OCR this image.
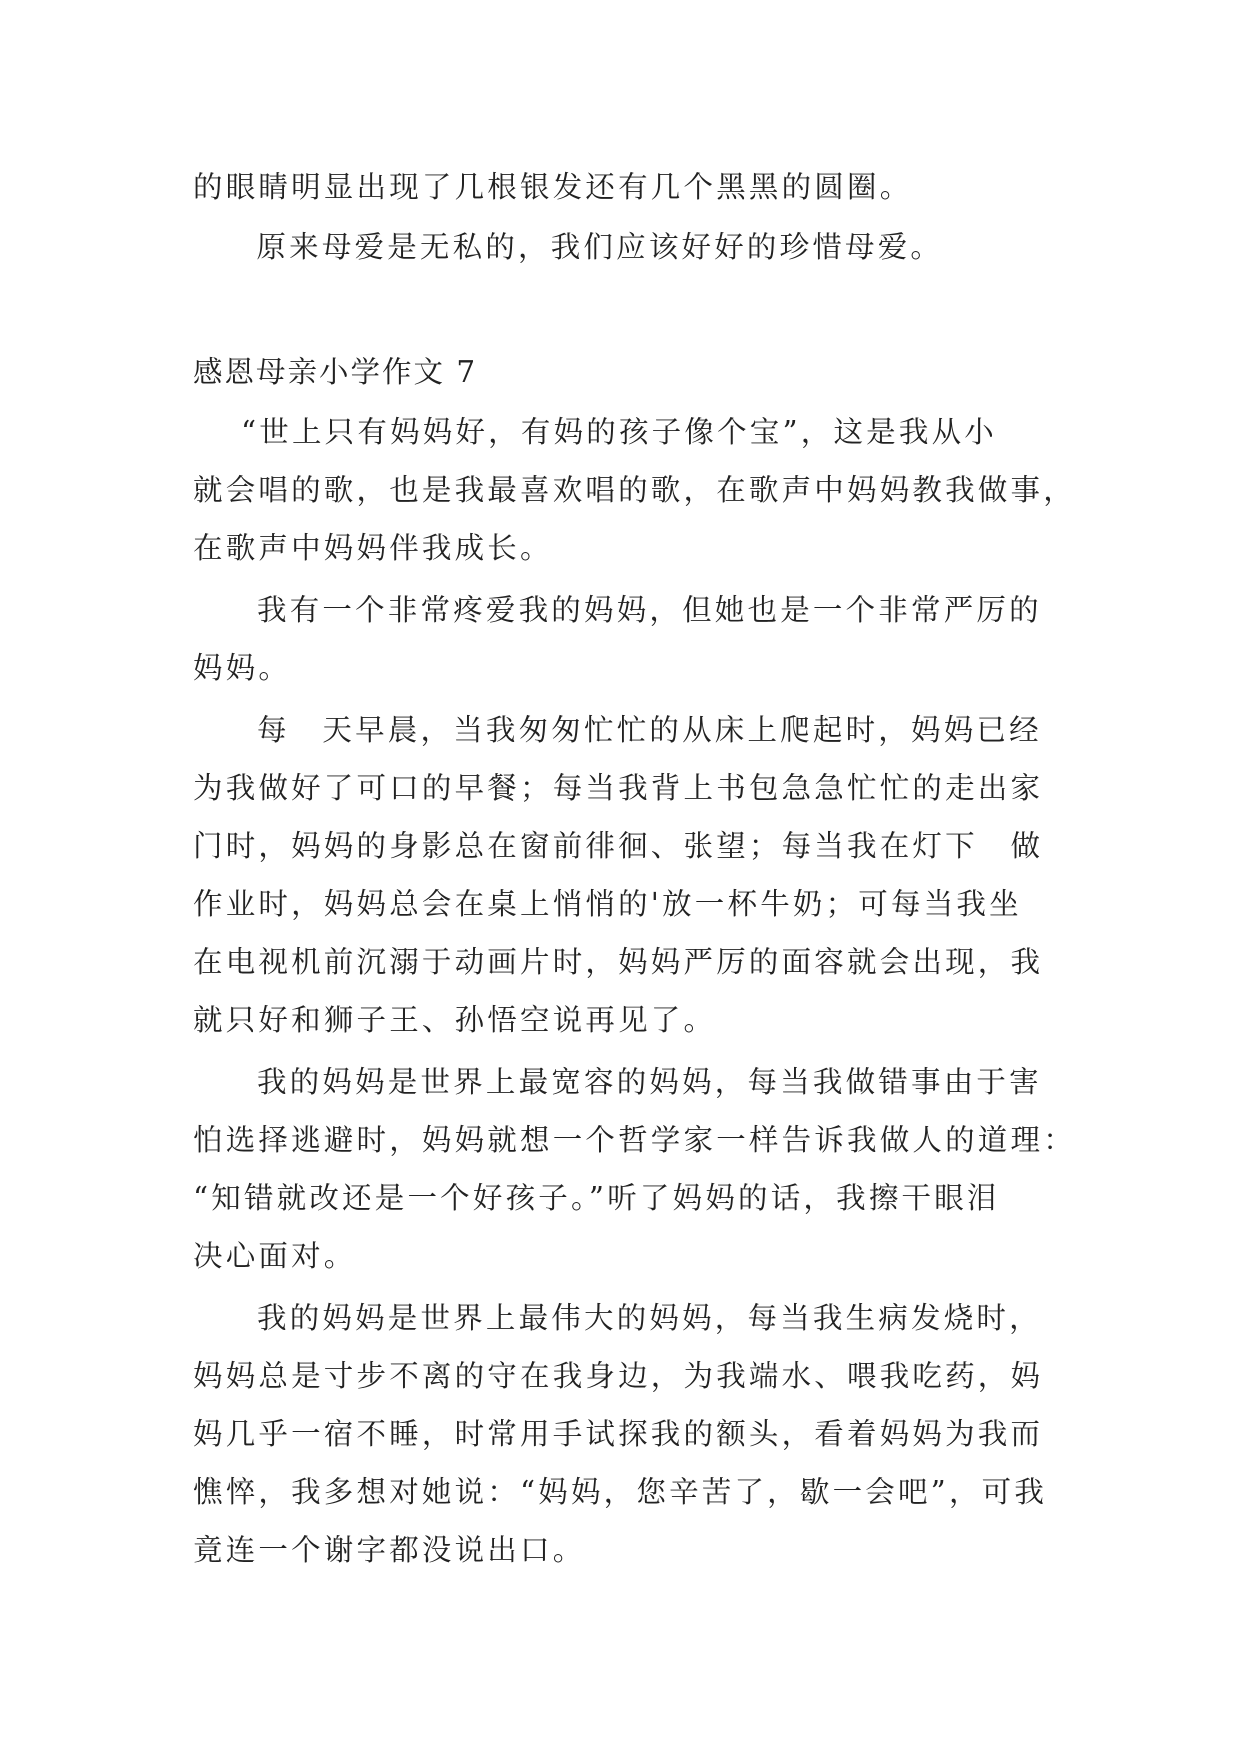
的眼睛明显出现了几根银发还有几个黑黑的圆圈。

原来母爱是无私的，我们应该好好的珍惜母爱。

感恩母亲小学作文 7

“世上只有妈妈好，有妈的孩子像个宝”，这是我从小
就会唱的歌，也是我最喜欢唱的歌，在歌声中妈妈教我做事，
在歌声中妈妈伴我成长。

我有一个非常疼爱我的妈妈，但她也是一个非常严厉的
妈妈。

每　天早晨，当我匆匆忙忙的从床上爬起时，妈妈已经
为我做好了可口的早餐；每当我背上书包急急忙忙的走出家
门时，妈妈的身影总在窗前徘徊、张望；每当我在灯下　做
作业时，妈妈总会在桌上悄悄的'放一杯牛奶；可每当我坐
在电视机前沉溺于动画片时，妈妈严厉的面容就会出现，我
就只好和狮子王、孙悟空说再见了。

我的妈妈是世界上最宽容的妈妈，每当我做错事由于害
怕选择逃避时，妈妈就想一个哲学家一样告诉我做人的道理：
“知错就改还是一个好孩子。”听了妈妈的话，我擦干眼泪
决心面对。

我的妈妈是世界上最伟大的妈妈，每当我生病发烧时，
妈妈总是寸步不离的守在我身边，为我端水、喂我吃药，妈
妈几乎一宿不睡，时常用手试探我的额头，看着妈妈为我而
憔悴，我多想对她说：“妈妈，您辛苦了，歇一会吧”，可我
竟连一个谢字都没说出口。
